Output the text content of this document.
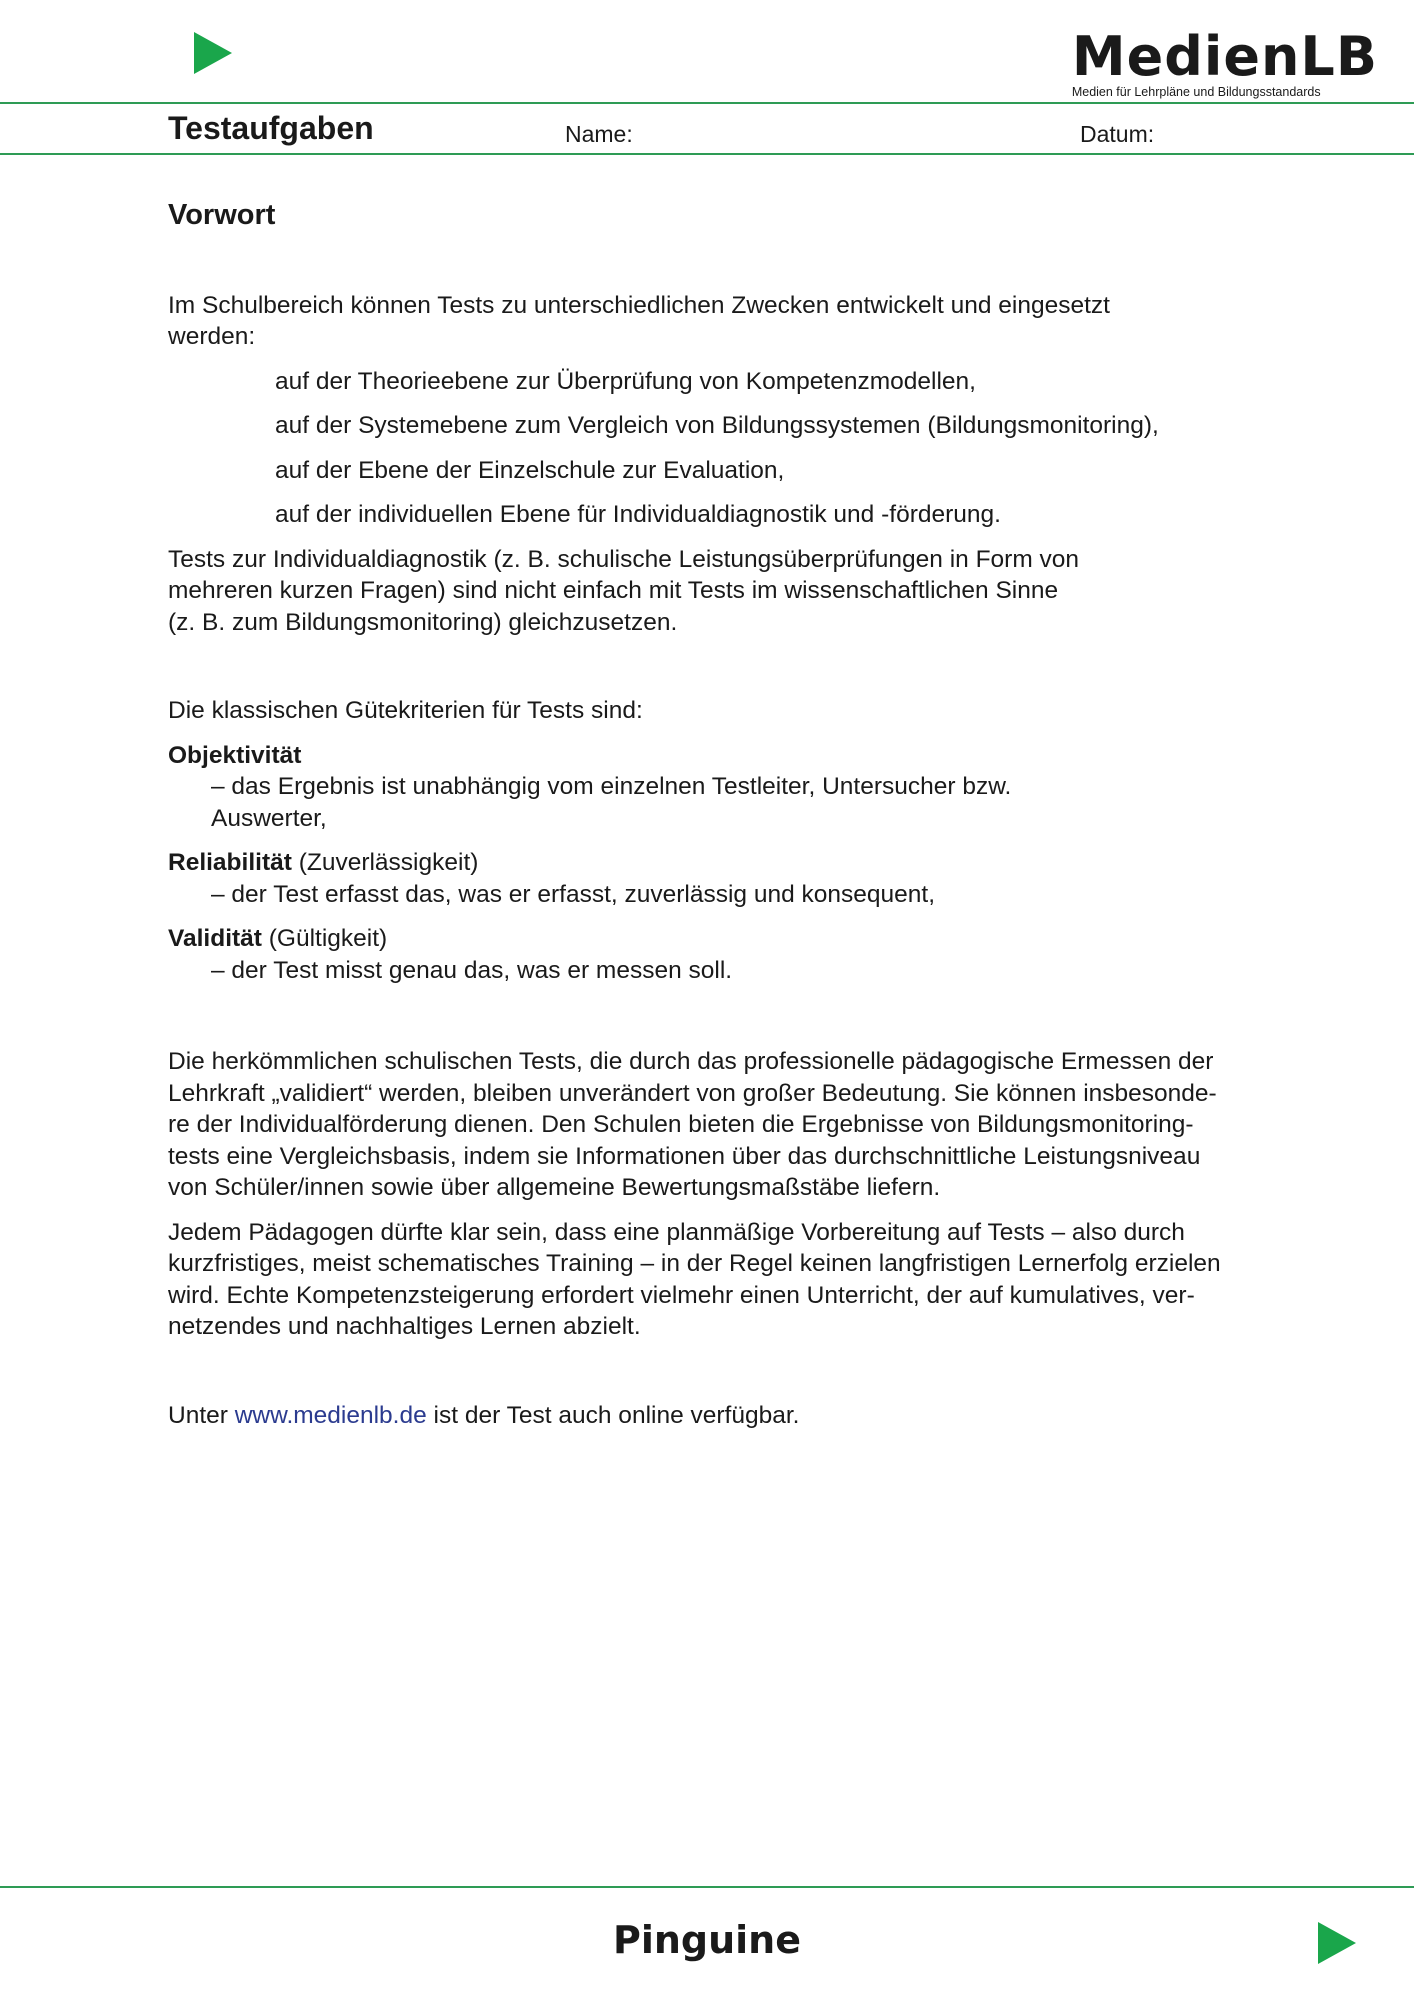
MedienLB
Medien für Lehrpläne und Bildungsstandards
Testaufgaben	Name:	Datum:

Vorwort

Im Schulbereich können Tests zu unterschiedlichen Zwecken entwickelt und eingesetzt

werden:

auf der Theorieebene zur Überprüfung von Kompetenzmodellen,

auf der Systemebene zum Vergleich von Bildungssystemen (Bildungsmonitoring),

auf der Ebene der Einzelschule zur Evaluation,

auf der individuellen Ebene für Individualdiagnostik und -förderung.

Tests zur Individualdiagnostik (z. B. schulische Leistungsüberprüfungen in Form von

mehreren kurzen Fragen) sind nicht einfach mit Tests im wissenschaftlichen Sinne

(z. B. zum Bildungsmonitoring) gleichzusetzen.

Die klassischen Gütekriterien für Tests sind:

Objektivität

– das Ergebnis ist unabhängig vom einzelnen Testleiter, Untersucher bzw.

Auswerter,

Reliabilität (Zuverlässigkeit)

– der Test erfasst das, was er erfasst, zuverlässig und konsequent,

Validität (Gültigkeit)

– der Test misst genau das, was er messen soll.

Die herkömmlichen schulischen Tests, die durch das professionelle pädagogische Ermessen der

Lehrkraft „validiert“ werden, bleiben unverändert von großer Bedeutung. Sie können insbesonde-

re der Individualförderung dienen. Den Schulen bieten die Ergebnisse von Bildungsmonitoring-

tests eine Vergleichsbasis, indem sie Informationen über das durchschnittliche Leistungsniveau

von Schüler/innen sowie über allgemeine Bewertungsmaßstäbe liefern.

Jedem Pädagogen dürfte klar sein, dass eine planmäßige Vorbereitung auf Tests – also durch

kurzfristiges, meist schematisches Training – in der Regel keinen langfristigen Lernerfolg erzielen

wird. Echte Kompetenzsteigerung erfordert vielmehr einen Unterricht, der auf kumulatives, ver-

netzendes und nachhaltiges Lernen abzielt.

Unter www.medienlb.de ist der Test auch online verfügbar.

Pinguine
